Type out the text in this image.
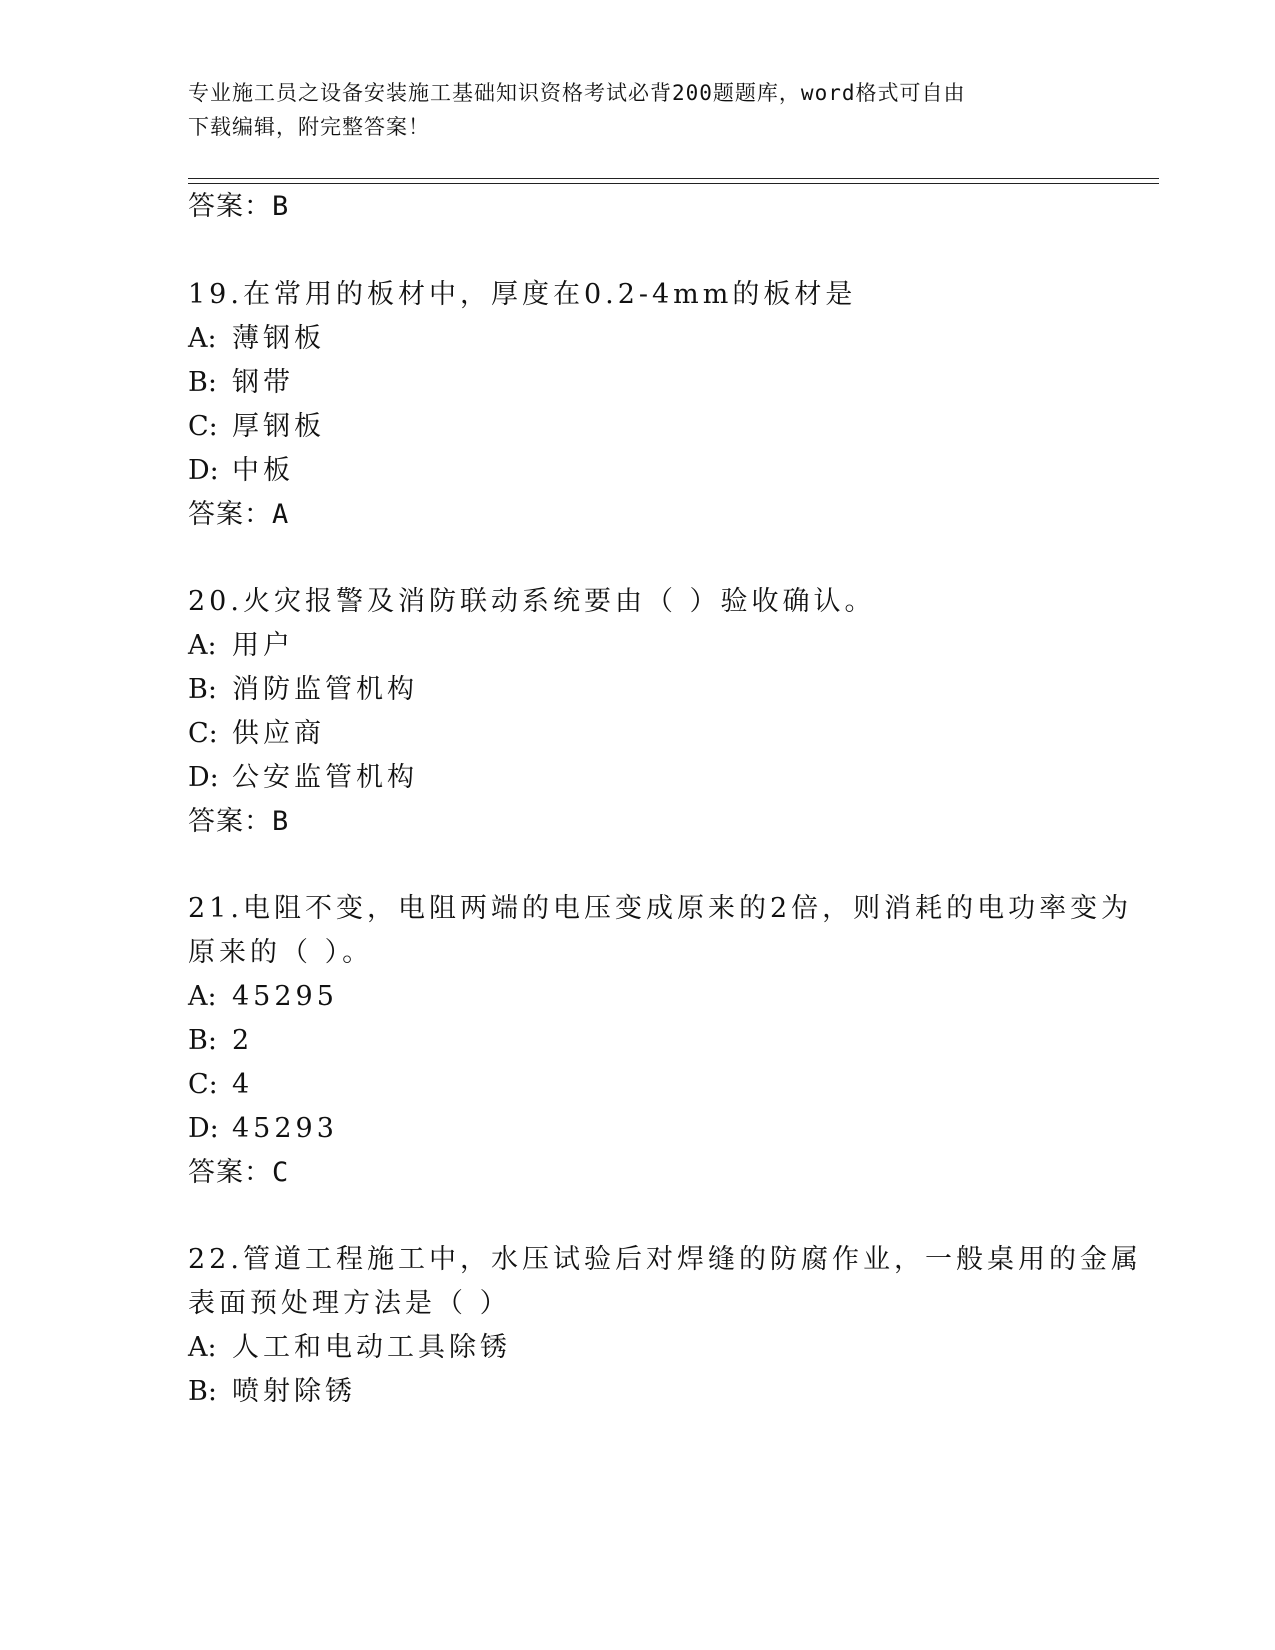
专业施工员之设备安装施工基础知识资格考试必背200题题库，word格式可自由
下载编辑，附完整答案！
答案：B
19.在常用的板材中，厚度在0.2-4mm的板材是
A: 薄钢板
B: 钢带
C: 厚钢板
D: 中板
答案：A
20.火灾报警及消防联动系统要由（ ）验收确认。
A: 用户
B: 消防监管机构
C: 供应商
D: 公安监管机构
答案：B
21.电阻不变，电阻两端的电压变成原来的2倍，则消耗的电功率变为
原来的（ ）。
A: 45295
B: 2
C: 4
D: 45293
答案：C
22.管道工程施工中，水压试验后对焊缝的防腐作业，一般桌用的金属
表面预处理方法是（ ）
A: 人工和电动工具除锈
B: 喷射除锈
